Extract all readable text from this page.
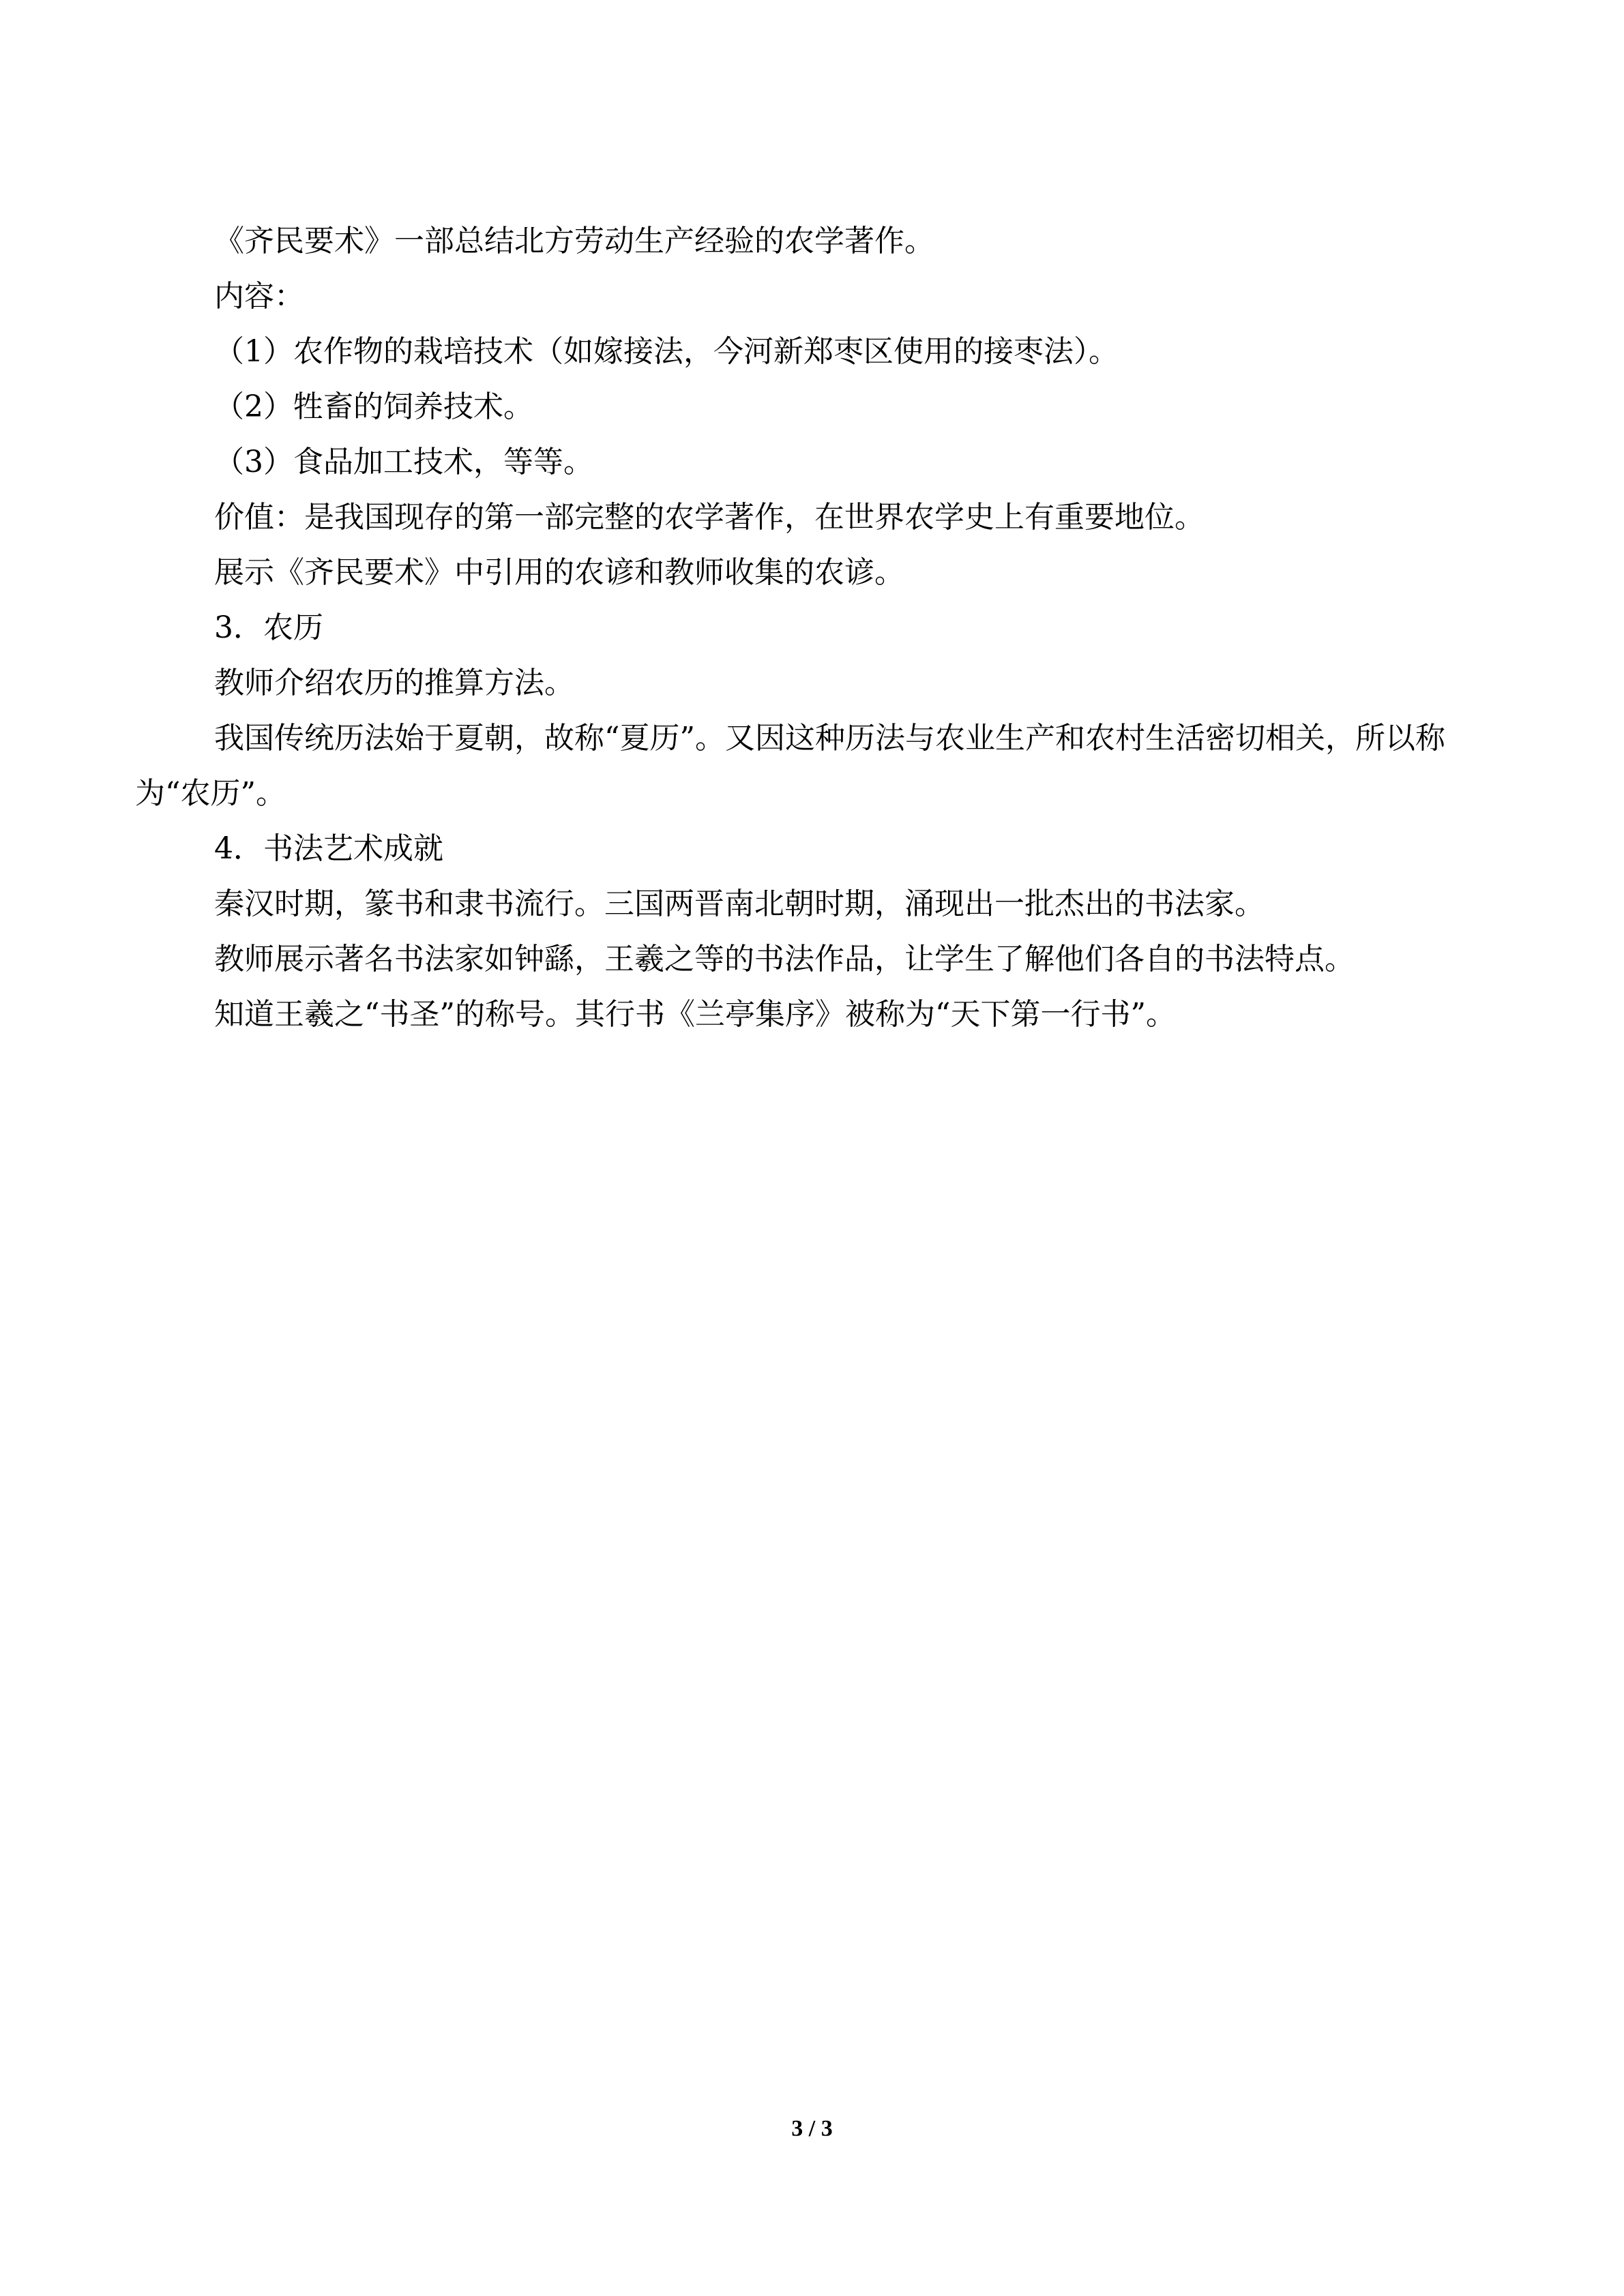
《齐民要术》一部总结北方劳动生产经验的农学著作。

内容：

（1）农作物的栽培技术（如嫁接法，今河新郑枣区使用的接枣法）。

（2）牲畜的饲养技术。

（3）食品加工技术，等等。

价值：是我国现存的第一部完整的农学著作，在世界农学史上有重要地位。

展示《齐民要术》中引用的农谚和教师收集的农谚。

3．农历

教师介绍农历的推算方法。

我国传统历法始于夏朝，故称“夏历”。又因这种历法与农业生产和农村生活密切相关，所以称为“农历”。

4．书法艺术成就

秦汉时期，篆书和隶书流行。三国两晋南北朝时期，涌现出一批杰出的书法家。

教师展示著名书法家如钟繇，王羲之等的书法作品，让学生了解他们各自的书法特点。

知道王羲之“书圣”的称号。其行书《兰亭集序》被称为“天下第一行书”。

3 / 3
